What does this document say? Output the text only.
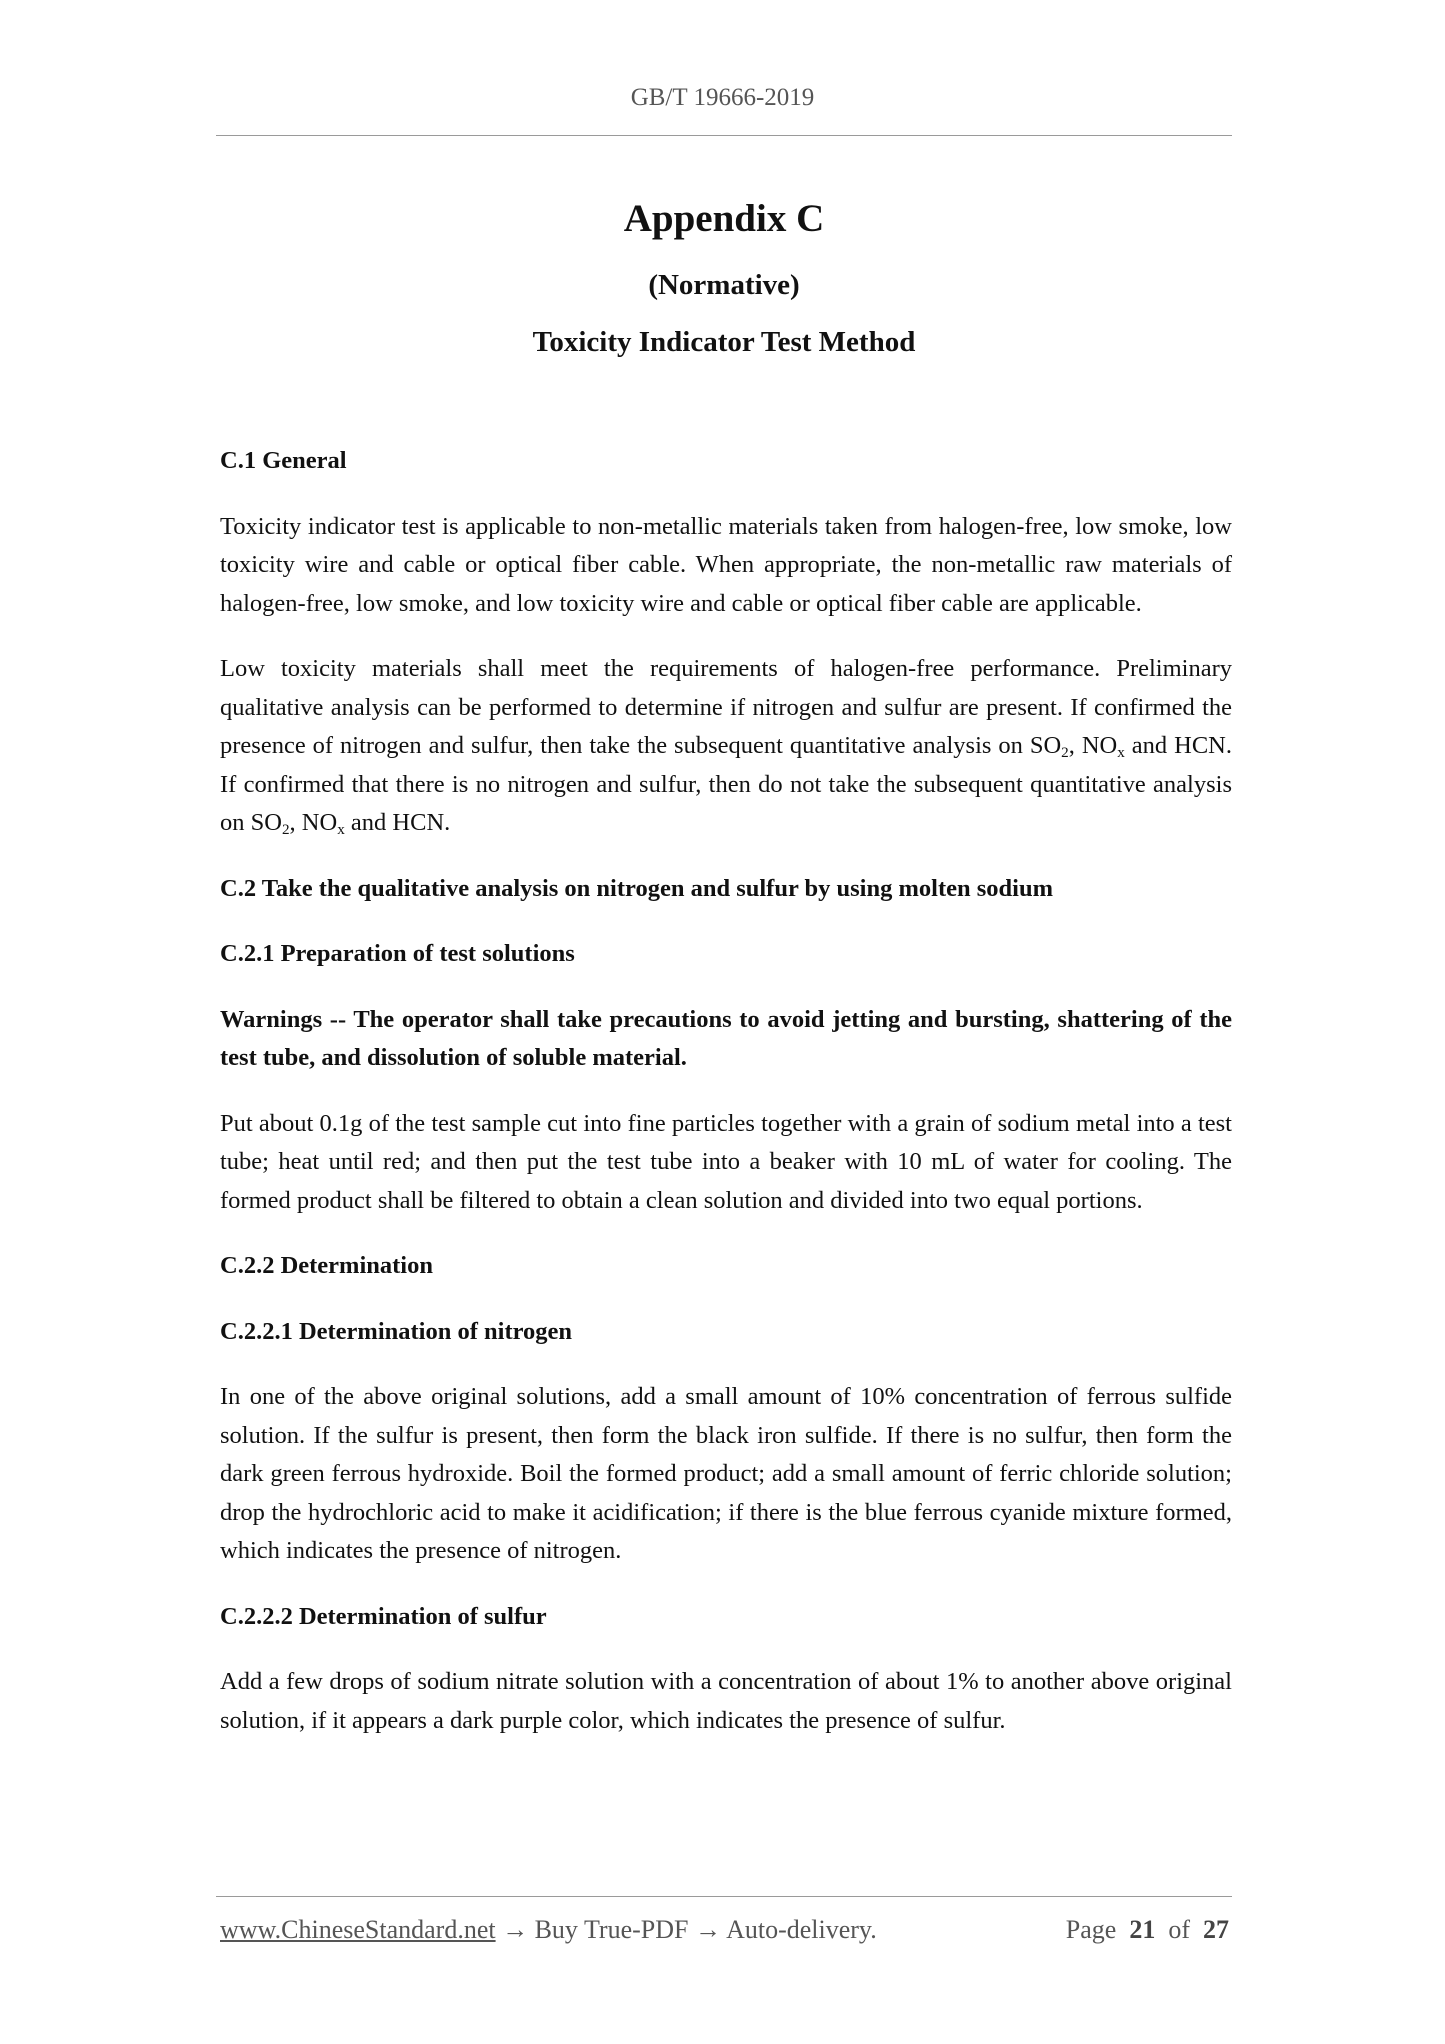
GB/T 19666-2019
Appendix C
(Normative)
Toxicity Indicator Test Method

C.1 General

Toxicity indicator test is applicable to non-metallic materials taken from halogen-free, low smoke, low toxicity wire and cable or optical fiber cable. When appropriate, the non-metallic raw materials of halogen-free, low smoke, and low toxicity wire and cable or optical fiber cable are applicable.

Low toxicity materials shall meet the requirements of halogen-free performance. Preliminary qualitative analysis can be performed to determine if nitrogen and sulfur are present. If confirmed the presence of nitrogen and sulfur, then take the subsequent quantitative analysis on $SO_2$, $NO_x$ and HCN. If confirmed that there is no nitrogen and sulfur, then do not take the subsequent quantitative analysis on $SO_2$, $NO_x$ and HCN.

C.2 Take the qualitative analysis on nitrogen and sulfur by using molten sodium

C.2.1 Preparation of test solutions

Warnings -- The operator shall take precautions to avoid jetting and bursting, shattering of the test tube, and dissolution of soluble material.

Put about 0.1g of the test sample cut into fine particles together with a grain of sodium metal into a test tube; heat until red; and then put the test tube into a beaker with 10 mL of water for cooling. The formed product shall be filtered to obtain a clean solution and divided into two equal portions.

C.2.2 Determination

C.2.2.1 Determination of nitrogen

In one of the above original solutions, add a small amount of 10% concentration of ferrous sulfide solution. If the sulfur is present, then form the black iron sulfide. If there is no sulfur, then form the dark green ferrous hydroxide. Boil the formed product; add a small amount of ferric chloride solution; drop the hydrochloric acid to make it acidification; if there is the blue ferrous cyanide mixture formed, which indicates the presence of nitrogen.

C.2.2.2 Determination of sulfur

Add a few drops of sodium nitrate solution with a concentration of about 1% to another above original solution, if it appears a dark purple color, which indicates the presence of sulfur.

www.ChineseStandard.net → Buy True-PDF → Auto-delivery.	Page 21 of 27
